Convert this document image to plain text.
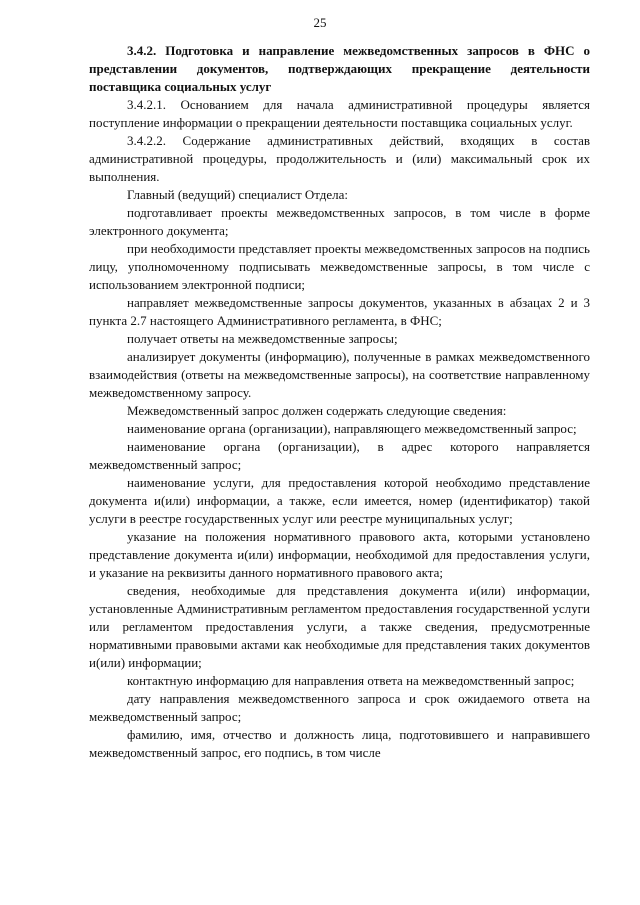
25

3.4.2. Подготовка и направление межведомственных запросов в ФНС о представлении документов, подтверждающих прекращение деятельности поставщика социальных услуг

3.4.2.1. Основанием для начала административной процедуры является поступление информации о прекращении деятельности поставщика социальных услуг.

3.4.2.2. Содержание административных действий, входящих в состав административной процедуры, продолжительность и (или) максимальный срок их выполнения.

Главный (ведущий) специалист Отдела:

подготавливает проекты межведомственных запросов, в том числе в форме электронного документа;

при необходимости представляет проекты межведомственных запросов на подпись лицу, уполномоченному подписывать межведомственные запросы, в том числе с использованием электронной подписи;

направляет межведомственные запросы документов, указанных в абзацах 2 и 3 пункта 2.7 настоящего Административного регламента, в ФНС;

получает ответы на межведомственные запросы;

анализирует документы (информацию), полученные в рамках межведомственного взаимодействия (ответы на межведомственные запросы), на соответствие направленному межведомственному запросу.

Межведомственный запрос должен содержать следующие сведения:

наименование органа (организации), направляющего межведомственный запрос;

наименование органа (организации), в адрес которого направляется межведомственный запрос;

наименование услуги, для предоставления которой необходимо представление документа и(или) информации, а также, если имеется, номер (идентификатор) такой услуги в реестре государственных услуг или реестре муниципальных услуг;

указание на положения нормативного правового акта, которыми установлено представление документа и(или) информации, необходимой для предоставления услуги, и указание на реквизиты данного нормативного правового акта;

сведения, необходимые для представления документа и(или) информации, установленные Административным регламентом предоставления государственной услуги или регламентом предоставления услуги, а также сведения, предусмотренные нормативными правовыми актами как необходимые для представления таких документов и(или) информации;

контактную информацию для направления ответа на межведомственный запрос;

дату направления межведомственного запроса и срок ожидаемого ответа на межведомственный запрос;

фамилию, имя, отчество и должность лица, подготовившего и направившего межведомственный запрос, его подпись, в том числе
